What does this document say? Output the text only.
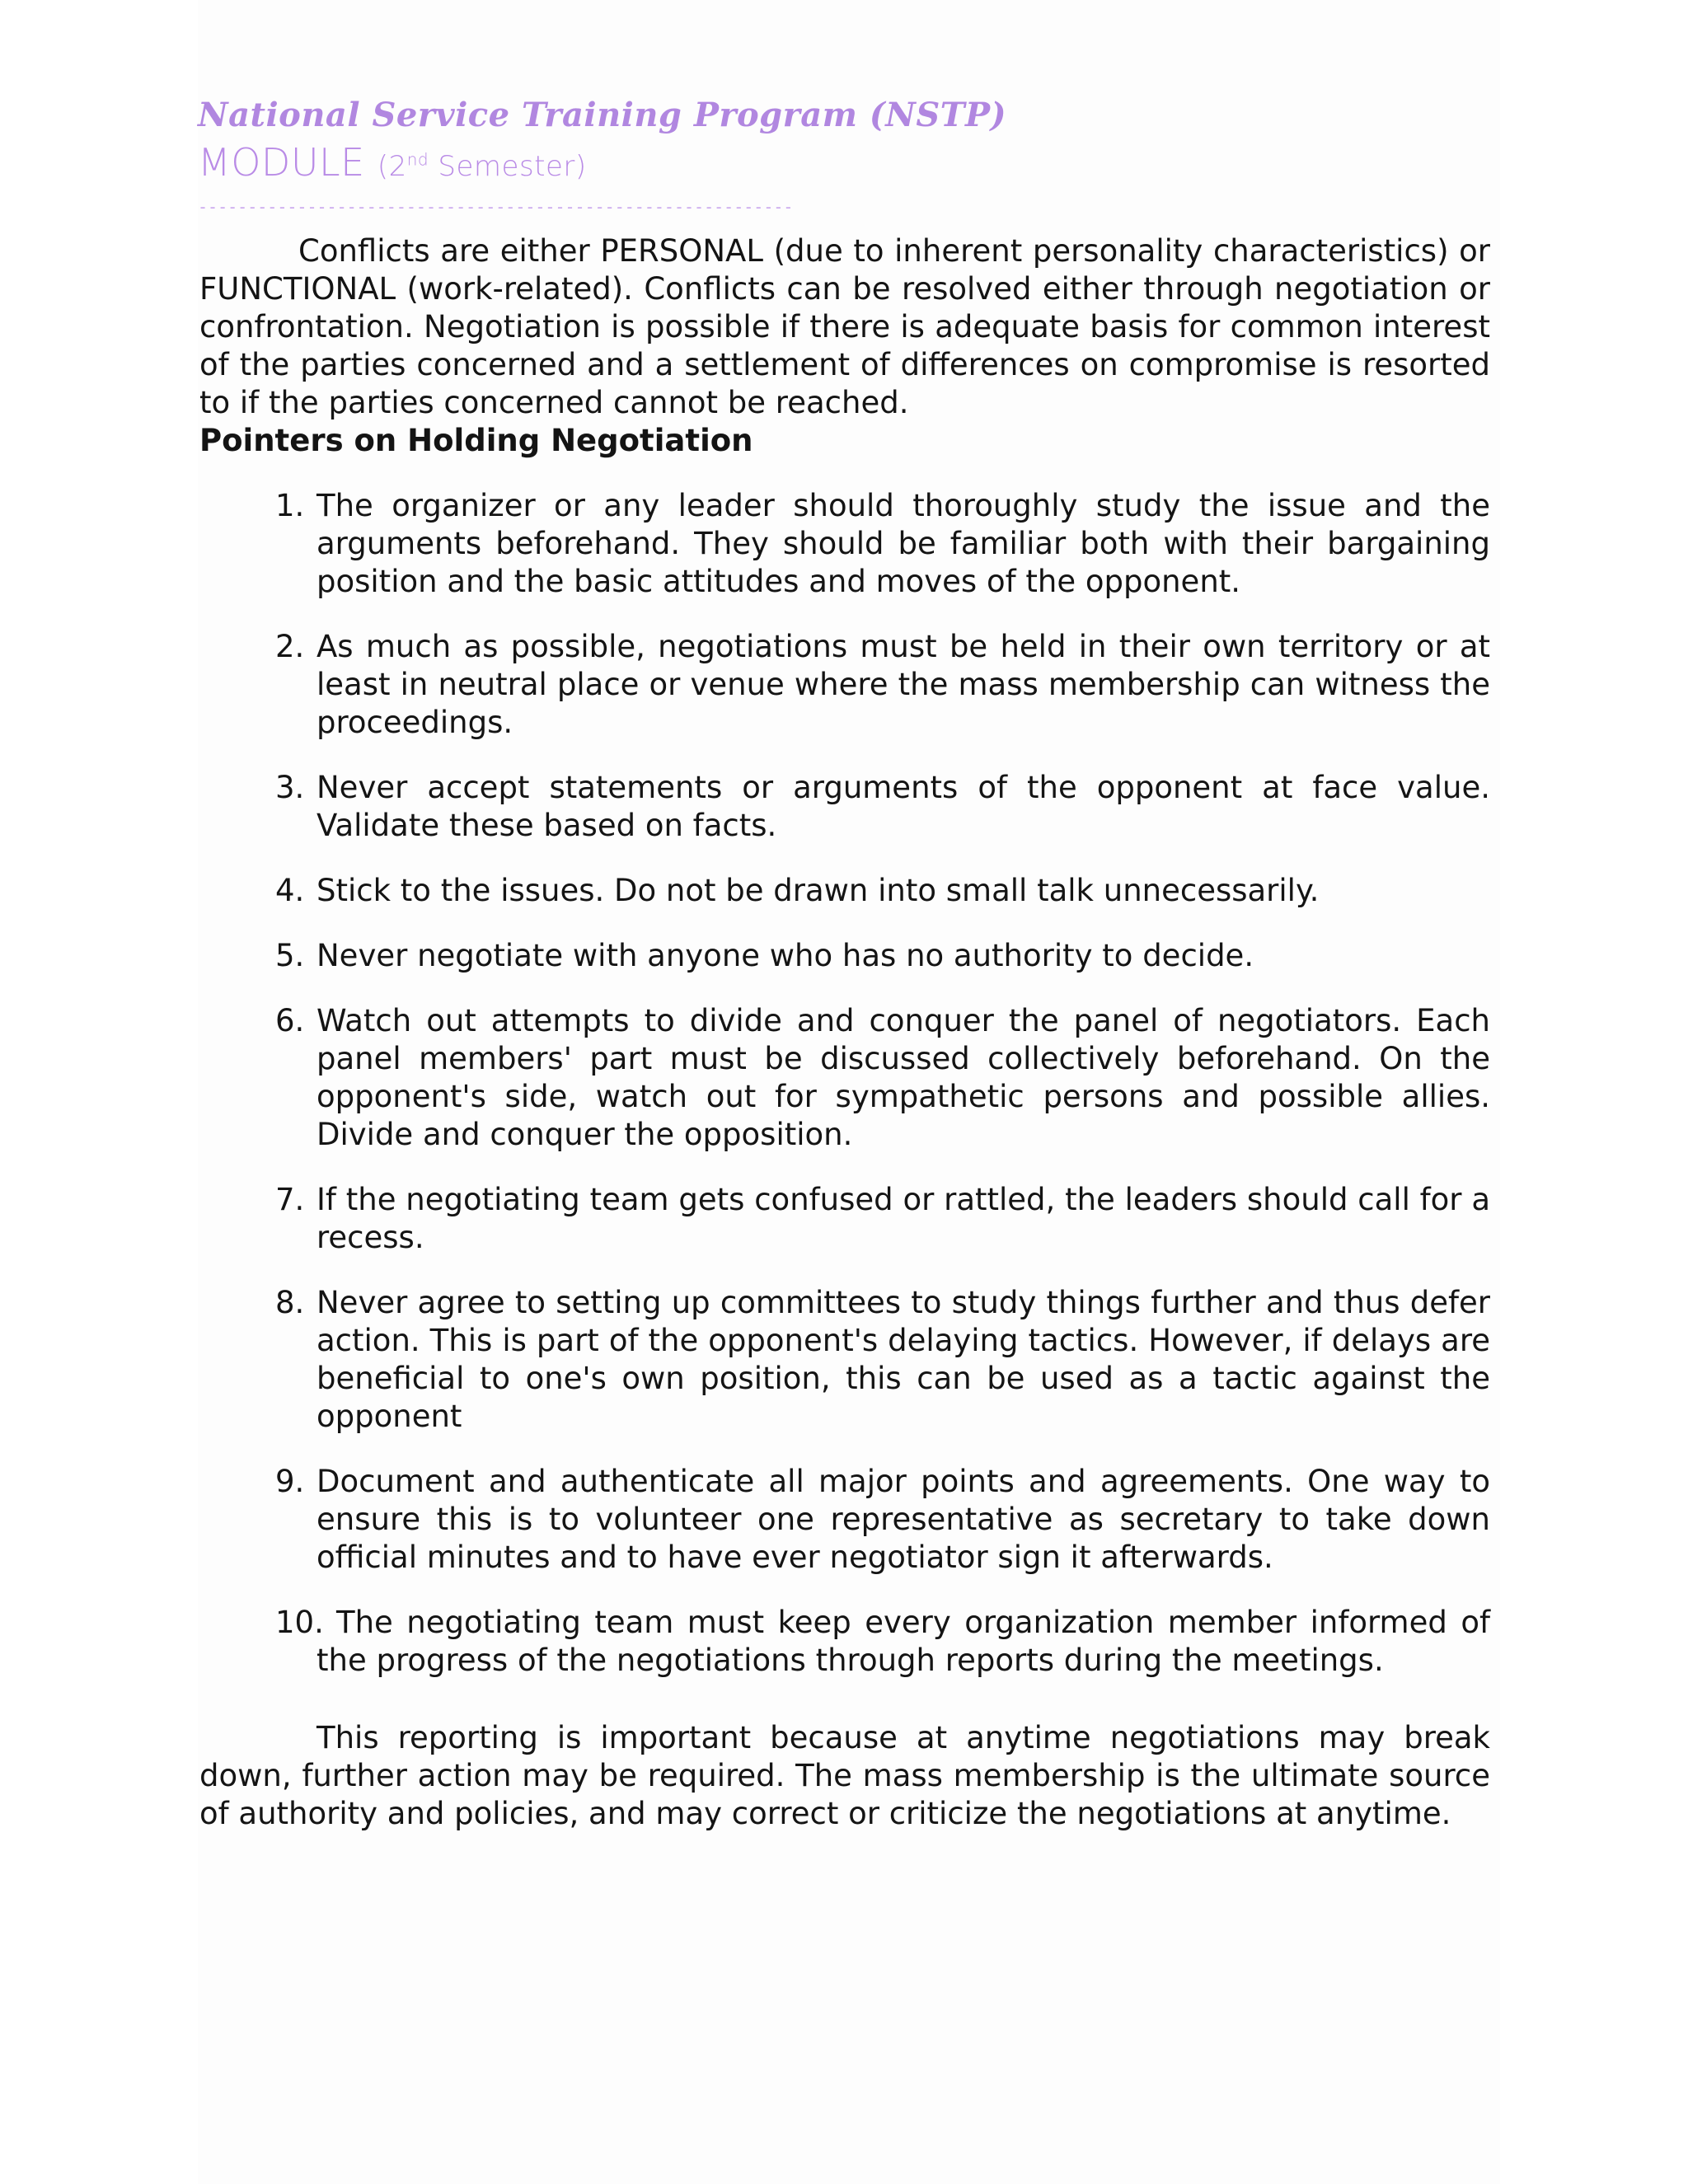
National Service Training Program (NSTP)
MODULE (2nd Semester)
------------------------------------------------------------

Conflicts are either PERSONAL (due to inherent personality characteristics) or FUNCTIONAL (work-related). Conflicts can be resolved either through negotiation or confrontation. Negotiation is possible if there is adequate basis for common interest of the parties concerned and a settlement of differences on compromise is resorted to if the parties concerned cannot be reached.

Pointers on Holding Negotiation

1. The organizer or any leader should thoroughly study the issue and the arguments beforehand. They should be familiar both with their bargaining position and the basic attitudes and moves of the opponent.
2. As much as possible, negotiations must be held in their own territory or at least in neutral place or venue where the mass membership can witness the proceedings.
3. Never accept statements or arguments of the opponent at face value. Validate these based on facts.
4. Stick to the issues. Do not be drawn into small talk unnecessarily.
5. Never negotiate with anyone who has no authority to decide.
6. Watch out attempts to divide and conquer the panel of negotiators. Each panel members' part must be discussed collectively beforehand. On the opponent's side, watch out for sympathetic persons and possible allies. Divide and conquer the opposition.
7. If the negotiating team gets confused or rattled, the leaders should call for a recess.
8. Never agree to setting up committees to study things further and thus defer action. This is part of the opponent's delaying tactics. However, if delays are beneficial to one's own position, this can be used as a tactic against the opponent
9. Document and authenticate all major points and agreements. One way to ensure this is to volunteer one representative as secretary to take down official minutes and to have ever negotiator sign it afterwards.
10. The negotiating team must keep every organization member informed of the progress of the negotiations through reports during the meetings.

This reporting is important because at anytime negotiations may break down, further action may be required. The mass membership is the ultimate source of authority and policies, and may correct or criticize the negotiations at anytime.
